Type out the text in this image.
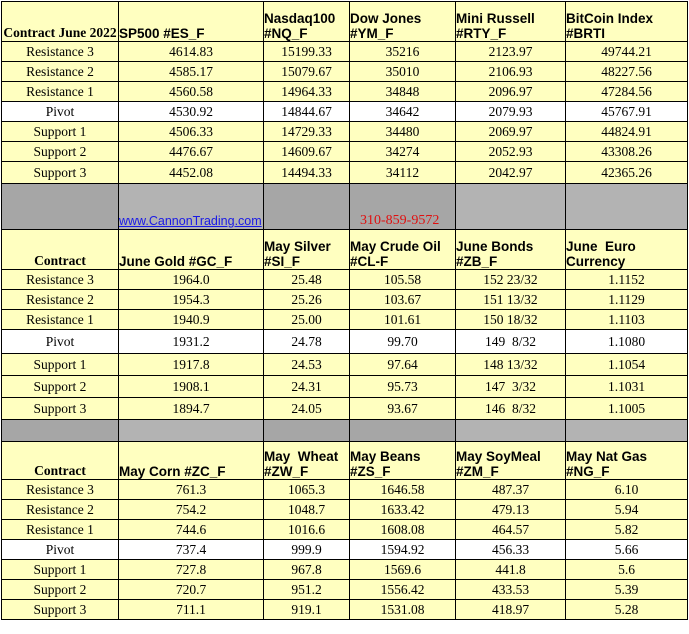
Contract June 2022	SP500 #ES_F	Nasdaq100 #NQ_F	Dow Jones #YM_F	Mini Russell #RTY_F	BitCoin Index #BRTI
Resistance 3	4614.83	15199.33	35216	2123.97	49744.21
Resistance 2	4585.17	15079.67	35010	2106.93	48227.56
Resistance 1	4560.58	14964.33	34848	2096.97	47284.56
Pivot	4530.92	14844.67	34642	2079.93	45767.91
Support 1	4506.33	14729.33	34480	2069.97	44824.91
Support 2	4476.67	14609.67	34274	2052.93	43308.26
Support 3	4452.08	14494.33	34112	2042.97	42365.26
	www.CannonTrading.com		310-859-9572		
Contract	June Gold #GC_F	May Silver #SI_F	May Crude Oil #CL-F	June Bonds #ZB_F	June  Euro Currency
Resistance 3	1964.0	25.48	105.58	152 23/32	1.1152
Resistance 2	1954.3	25.26	103.67	151 13/32	1.1129
Resistance 1	1940.9	25.00	101.61	150 18/32	1.1103
Pivot	1931.2	24.78	99.70	149  8/32	1.1080
Support 1	1917.8	24.53	97.64	148 13/32	1.1054
Support 2	1908.1	24.31	95.73	147  3/32	1.1031
Support 3	1894.7	24.05	93.67	146  8/32	1.1005

Contract	May Corn #ZC_F	May  Wheat #ZW_F	May Beans #ZS_F	May SoyMeal #ZM_F	May Nat Gas #NG_F
Resistance 3	761.3	1065.3	1646.58	487.37	6.10
Resistance 2	754.2	1048.7	1633.42	479.13	5.94
Resistance 1	744.6	1016.6	1608.08	464.57	5.82
Pivot	737.4	999.9	1594.92	456.33	5.66
Support 1	727.8	967.8	1569.6	441.8	5.6
Support 2	720.7	951.2	1556.42	433.53	5.39
Support 3	711.1	919.1	1531.08	418.97	5.28
